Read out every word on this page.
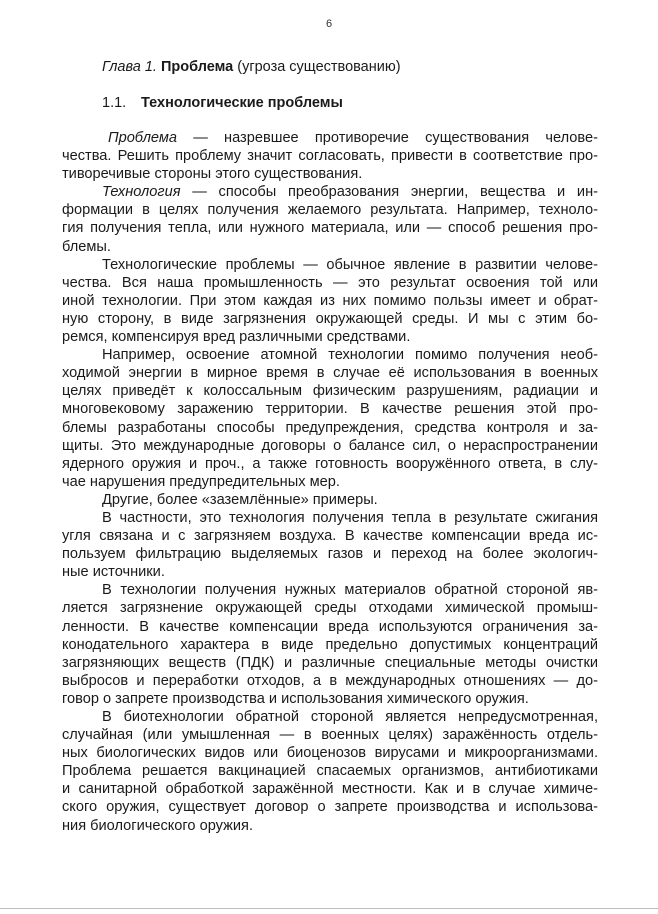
6
Глава 1. Проблема (угроза существованию)
1.1. Технологические проблемы
Проблема — назревшее противоречие существования челове-
чества. Решить проблему значит согласовать, привести в соответствие про-
тиворечивые стороны этого существования.
Технология — способы преобразования энергии, вещества и ин-
формации в целях получения желаемого результата. Например, техноло-
гия получения тепла, или нужного материала, или — способ решения про-
блемы.
Технологические проблемы — обычное явление в развитии челове-
чества. Вся наша промышленность — это результат освоения той или
иной технологии. При этом каждая из них помимо пользы имеет и обрат-
ную сторону, в виде загрязнения окружающей среды. И мы с этим бо-
ремся, компенсируя вред различными средствами.
Например, освоение атомной технологии помимо получения необ-
ходимой энергии в мирное время в случае её использования в военных
целях приведёт к колоссальным физическим разрушениям, радиации и
многовековому заражению территории. В качестве решения этой про-
блемы разработаны способы предупреждения, средства контроля и за-
щиты. Это международные договоры о балансе сил, о нераспространении
ядерного оружия и проч., а также готовность вооружённого ответа, в слу-
чае нарушения предупредительных мер.
Другие, более «заземлённые» примеры.
В частности, это технология получения тепла в результате сжигания
угля связана и с загрязняем воздуха. В качестве компенсации вреда ис-
пользуем фильтрацию выделяемых газов и переход на более экологич-
ные источники.
В технологии получения нужных материалов обратной стороной яв-
ляется загрязнение окружающей среды отходами химической промыш-
ленности. В качестве компенсации вреда используются ограничения за-
конодательного характера в виде предельно допустимых концентраций
загрязняющих веществ (ПДК) и различные специальные методы очистки
выбросов и переработки отходов, а в международных отношениях — до-
говор о запрете производства и использования химического оружия.
В биотехнологии обратной стороной является непредусмотренная,
случайная (или умышленная — в военных целях) заражённость отдель-
ных биологических видов или биоценозов вирусами и микроорганизмами.
Проблема решается вакцинацией спасаемых организмов, антибиотиками
и санитарной обработкой заражённой местности. Как и в случае химиче-
ского оружия, существует договор о запрете производства и использова-
ния биологического оружия.
